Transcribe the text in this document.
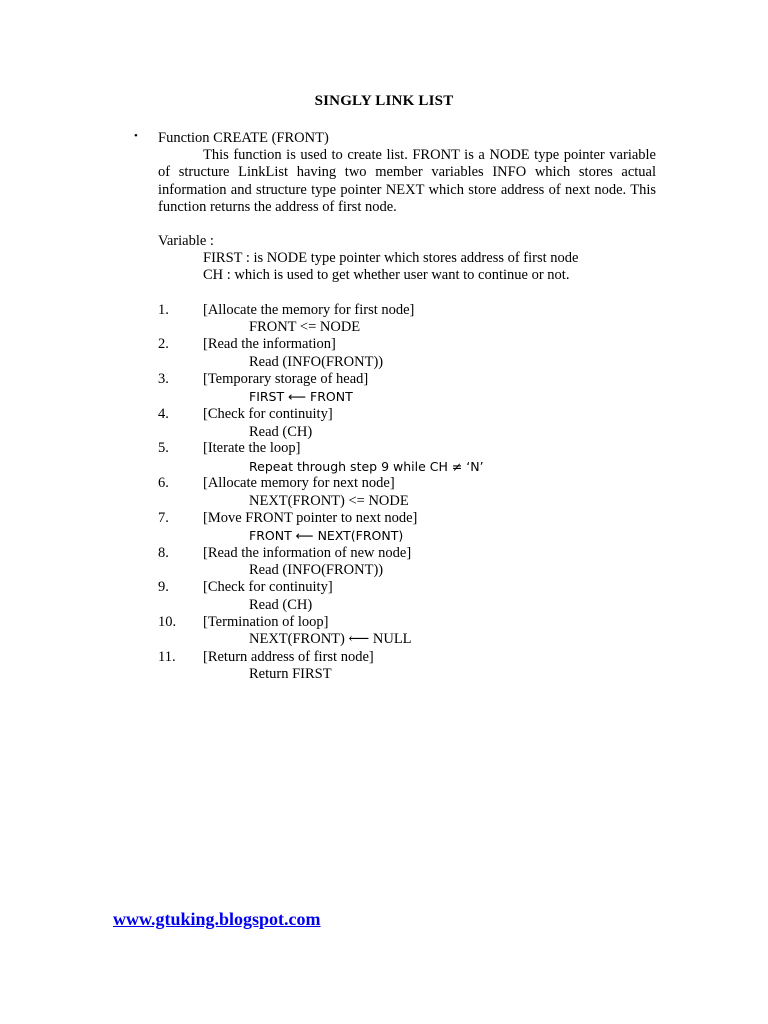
SINGLY LINK LIST
• Function CREATE (FRONT)
This function is used to create list. FRONT is a NODE type pointer variable of structure LinkList having two member variables INFO which stores actual information and structure type pointer NEXT which store address of next node. This function returns the address of first node.
Variable :
FIRST : is NODE type pointer which stores address of first node
CH : which is used to get whether user want to continue or not.
1. [Allocate the memory for first node]
FRONT <= NODE
2. [Read the information]
Read (INFO(FRONT))
3. [Temporary storage of head]
FIRST ⟵ FRONT
4. [Check for continuity]
Read (CH)
5. [Iterate the loop]
Repeat through step 9 while CH ≠ ‘N’
6. [Allocate memory for next node]
NEXT(FRONT) <= NODE
7. [Move FRONT pointer to next node]
FRONT ⟵ NEXT(FRONT)
8. [Read the information of new node]
Read (INFO(FRONT))
9. [Check for continuity]
Read (CH)
10. [Termination of loop]
NEXT(FRONT) ⟵ NULL
11. [Return address of first node]
Return FIRST
www.gtuking.blogspot.com
